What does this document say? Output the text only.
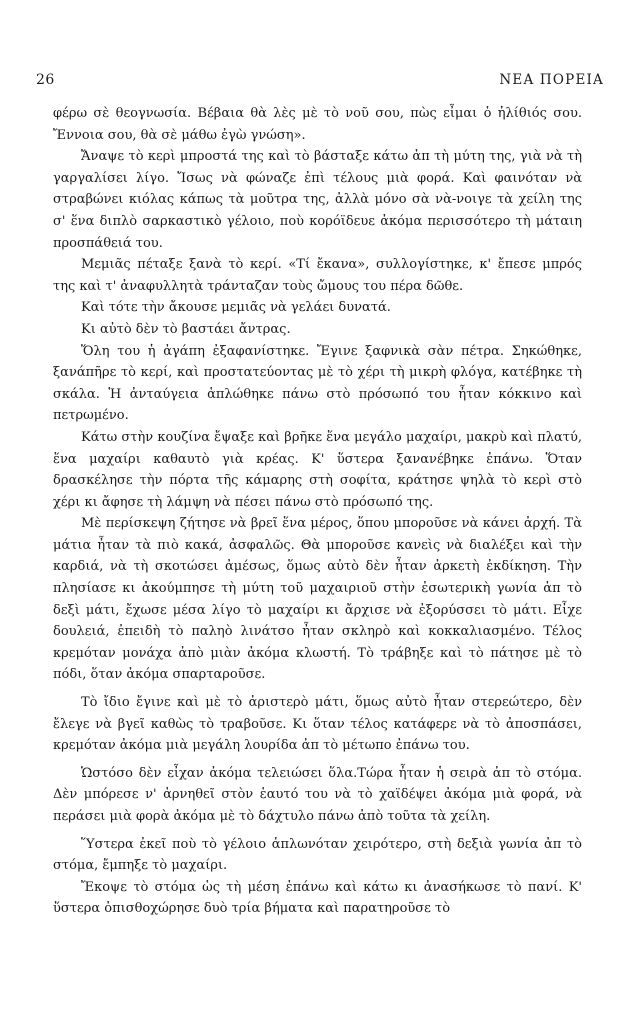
26	ΝΕΑ ΠΟΡΕΙΑ

φέρω σὲ θεογνωσία. Βέβαια θὰ λὲς μὲ τὸ νοῦ σου, πὼς εἶμαι ὁ ἠλίθιός σου. Ἔννοια σου, θὰ σὲ μάθω ἐγὼ γνώση».

Ἄναψε τὸ κερὶ μπροστά της καὶ τὸ βάσταξε κάτω ἀπ τὴ μύτη της, γιὰ νὰ τὴ γαργαλίσει λίγο. Ἴσως νὰ φώναζε ἐπὶ τέλους μιὰ φορά. Καὶ φαινόταν νὰ στραβώνει κιόλας κάπως τὰ μοῦτρα της, ἀλλὰ μόνο σὰ νὰ-νοιγε τὰ χείλη της σ' ἕνα διπλὸ σαρκαστικὸ γέλοιο, ποὺ κορόϊδευε ἀκόμα περισσότερο τὴ μάταιη προσπάθειά του.

Μεμιᾶς πέταξε ξανὰ τὸ κερί. «Τί ἔκανα», συλλογίστηκε, κ' ἔπεσε μπρός της καὶ τ' ἀναφυλλητὰ τράνταζαν τοὺς ὤμους του πέρα δῶθε.

Καὶ τότε τὴν ἄκουσε μεμιᾶς νὰ γελάει δυνατά.

Κι αὐτὸ δὲν τὸ βαστάει ἄντρας.

Ὅλη του ἡ ἀγάπη ἐξαφανίστηκε. Ἔγινε ξαφνικὰ σὰν πέτρα. Σηκώθηκε, ξανάπῆρε τὸ κερί, καὶ προστατεύοντας μὲ τὸ χέρι τὴ μικρὴ φλόγα, κατέβηκε τὴ σκάλα. Ἡ ἀνταύγεια ἁπλώθηκε πάνω στὸ πρόσωπό του ἦταν κόκκινο καὶ πετρωμένο.

Κάτω στὴν κουζίνα ἔψαξε καὶ βρῆκε ἕνα μεγάλο μαχαίρι, μακρὺ καὶ πλατύ, ἕνα μαχαίρι καθαυτὸ γιὰ κρέας. Κ' ὕστερα ξανανέβηκε ἐπάνω. Ὅταν δρασκέλησε τὴν πόρτα τῆς κάμαρης στὴ σοφίτα, κράτησε ψηλὰ τὸ κερὶ στὸ χέρι κι ἄφησε τὴ λάμψη νὰ πέσει πάνω στὸ πρόσωπό της.

Μὲ περίσκεψη ζήτησε νὰ βρεῖ ἕνα μέρος, ὅπου μποροῦσε νὰ κάνει ἀρχή. Τὰ μάτια ἦταν τὰ πιὸ κακά, ἀσφαλῶς. Θὰ μποροῦσε κανεὶς νὰ διαλέξει καὶ τὴν καρδιά, νὰ τὴ σκοτώσει ἀμέσως, ὅμως αὐτὸ δὲν ἦταν ἀρκετὴ ἐκδίκηση. Τὴν πλησίασε κι ἀκούμπησε τὴ μύτη τοῦ μαχαιριοῦ στὴν ἐσωτερικὴ γωνία ἀπ τὸ δεξὶ μάτι, ἔχωσε μέσα λίγο τὸ μαχαίρι κι ἄρχισε νὰ ἐξορύσσει τὸ μάτι. Εἶχε δουλειά, ἐπειδὴ τὸ παληὸ λινάτσο ἦταν σκληρὸ καὶ κοκκαλιασμένο. Τέλος κρεμόταν μονάχα ἀπὸ μιὰν ἀκόμα κλωστή. Τὸ τράβηξε καὶ τὸ πάτησε μὲ τὸ πόδι, ὅταν ἀκόμα σπαρταροῦσε.

Τὸ ἴδιο ἔγινε καὶ μὲ τὸ ἀριστερὸ μάτι, ὅμως αὐτὸ ἦταν στερεώτερο, δὲν ἔλεγε νὰ βγεῖ καθὼς τὸ τραβοῦσε. Κι ὅταν τέλος κατάφερε νὰ τὸ ἀποσπάσει, κρεμόταν ἀκόμα μιὰ μεγάλη λουρίδα ἀπ τὸ μέτωπο ἐπάνω του.

Ὡστόσο δὲν εἶχαν ἀκόμα τελειώσει ὅλα.Τώρα ἦταν ἡ σειρὰ ἀπ τὸ στόμα. Δὲν μπόρεσε ν' ἀρνηθεῖ στὸν ἑαυτό του νὰ τὸ χαϊδέψει ἀκόμα μιὰ φορά, νὰ περάσει μιὰ φορὰ ἀκόμα μὲ τὸ δάχτυλο πάνω ἀπὸ τοῦτα τὰ χείλη.

Ὕστερα ἐκεῖ ποὺ τὸ γέλοιο ἁπλωνόταν χειρότερο, στὴ δεξιὰ γωνία ἀπ τὸ στόμα, ἔμπηξε τὸ μαχαίρι.

Ἔκοψε τὸ στόμα ὡς τὴ μέση ἐπάνω καὶ κάτω κι ἀνασήκωσε τὸ πανί. Κ' ὕστερα ὀπισθοχώρησε δυὸ τρία βήματα καὶ παρατηροῦσε τὸ
